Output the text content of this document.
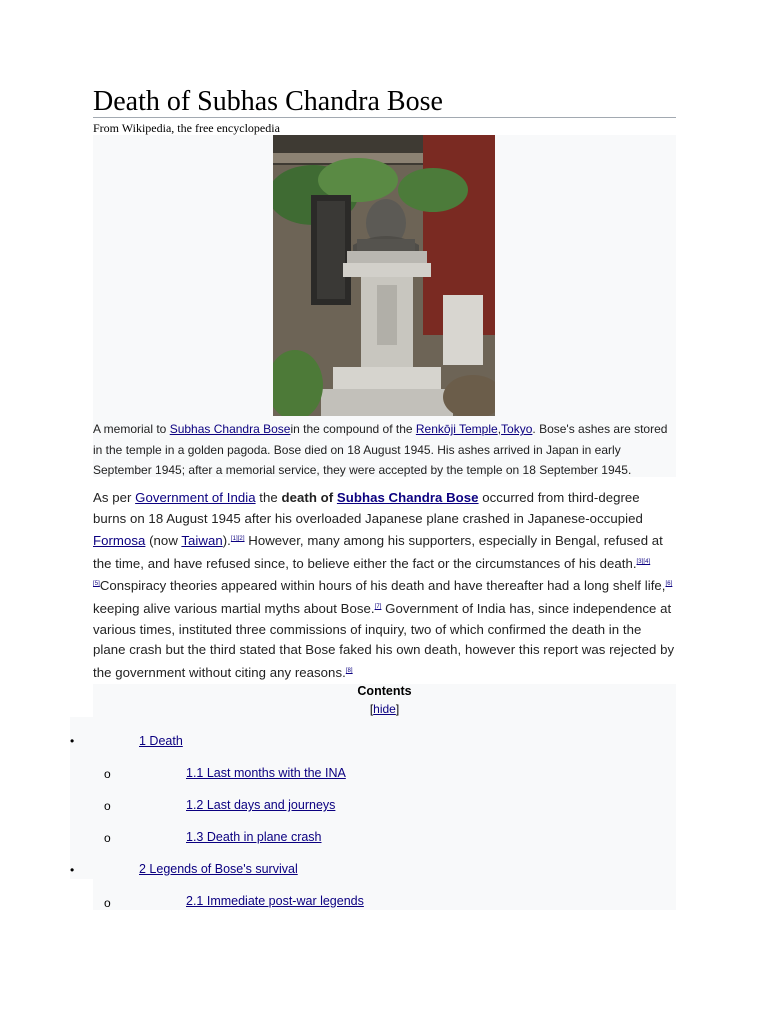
Death of Subhas Chandra Bose
From Wikipedia, the free encyclopedia
A memorial to Subhas Chandra Bosein the compound of the Renkōji Temple,Tokyo. Bose's ashes are stored in the temple in a golden pagoda. Bose died on 18 August 1945. His ashes arrived in Japan in early September 1945; after a memorial service, they were accepted by the temple on 18 September 1945.
As per Government of India the death of Subhas Chandra Bose occurred from third-degree burns on 18 August 1945 after his overloaded Japanese plane crashed in Japanese-occupied Formosa (now Taiwan).[1][2] However, many among his supporters, especially in Bengal, refused at the time, and have refused since, to believe either the fact or the circumstances of his death.[3][4][5]Conspiracy theories appeared within hours of his death and have thereafter had a long shelf life,[6] keeping alive various martial myths about Bose.[7] Government of India has, since independence at various times, instituted three commissions of inquiry, two of which confirmed the death in the plane crash but the third stated that Bose faked his own death, however this report was rejected by the government without citing any reasons.[8]
Contents
[hide]
•	1 Death
o	1.1 Last months with the INA
o	1.2 Last days and journeys
o	1.3 Death in plane crash
•	2 Legends of Bose's survival
o	2.1 Immediate post-war legends
